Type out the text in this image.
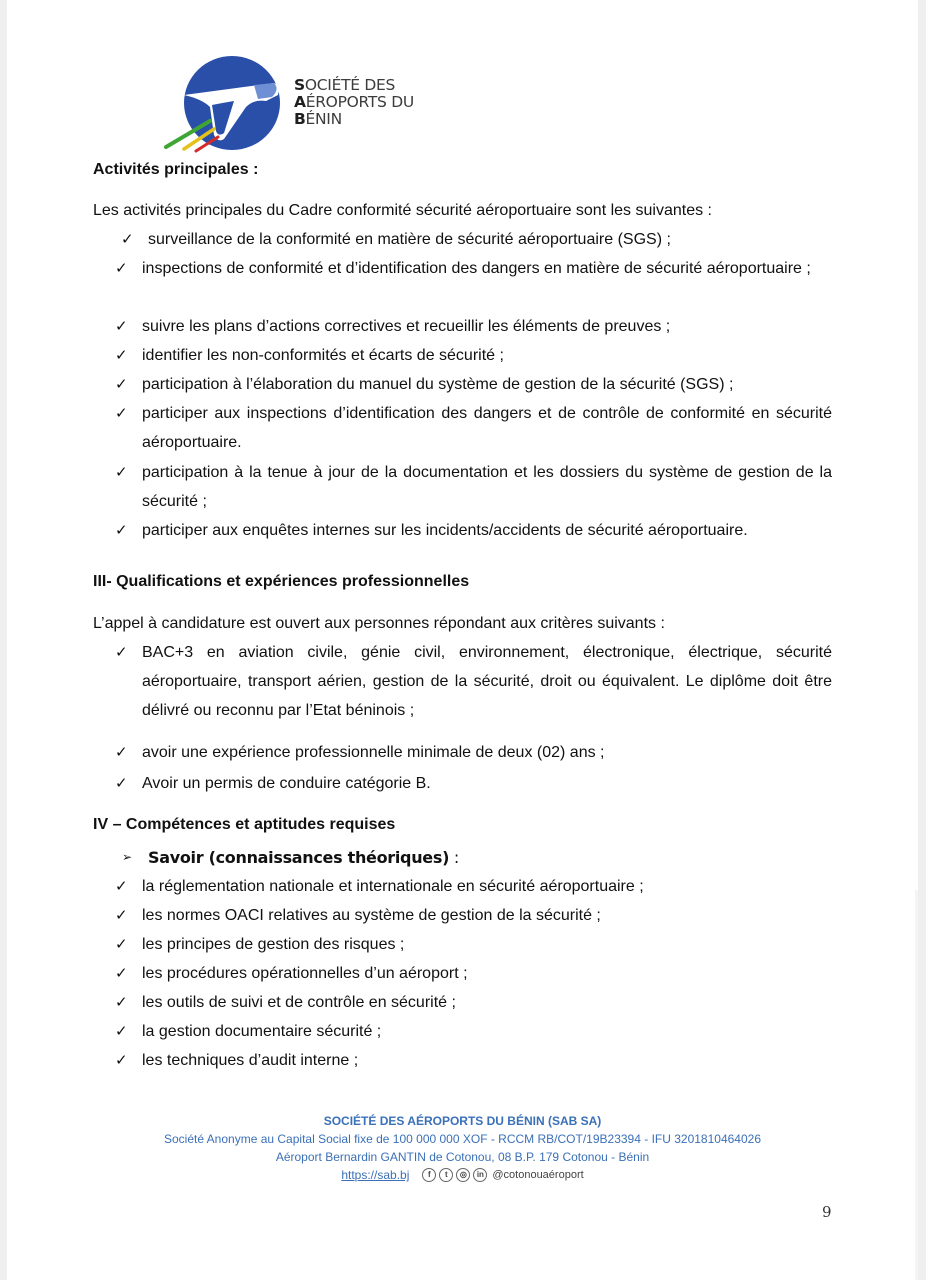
SOCIÉTÉ DES
AÉROPORTS DU
BÉNIN
Activités principales :
Les activités principales du Cadre conformité sécurité aéroportuaire sont les suivantes :
✓ surveillance de la conformité en matière de sécurité aéroportuaire (SGS) ;
✓ inspections de conformité et d’identification des dangers en matière de sécurité aéroportuaire ;
✓ suivre les plans d’actions correctives et recueillir les éléments de preuves ;
✓ identifier les non-conformités et écarts de sécurité ;
✓ participation à l’élaboration du manuel du système de gestion de la sécurité (SGS) ;
✓ participer aux inspections d’identification des dangers et de contrôle de conformité en sécurité aéroportuaire.
✓ participation à la tenue à jour de la documentation et les dossiers du système de gestion de la sécurité ;
✓ participer aux enquêtes internes sur les incidents/accidents de sécurité aéroportuaire.
III- Qualifications et expériences professionnelles
L’appel à candidature est ouvert aux personnes répondant aux critères suivants :
✓ BAC+3 en aviation civile, génie civil, environnement, électronique, électrique, sécurité aéroportuaire, transport aérien, gestion de la sécurité, droit ou équivalent. Le diplôme doit être délivré ou reconnu par l’Etat béninois ;
✓ avoir une expérience professionnelle minimale de deux (02) ans ;
✓ Avoir un permis de conduire catégorie B.
IV – Compétences et aptitudes requises
➢ Savoir (connaissances théoriques) :
✓ la réglementation nationale et internationale en sécurité aéroportuaire ;
✓ les normes OACI relatives au système de gestion de la sécurité ;
✓ les principes de gestion des risques ;
✓ les procédures opérationnelles d’un aéroport ;
✓ les outils de suivi et de contrôle en sécurité ;
✓ la gestion documentaire sécurité ;
✓ les techniques d’audit interne ;
SOCIÉTÉ DES AÉROPORTS DU BÉNIN (SAB SA)
Société Anonyme au Capital Social fixe de 100 000 000 XOF - RCCM RB/COT/19B23394 - IFU 3201810464026
Aéroport Bernardin GANTIN de Cotonou, 08 B.P. 179 Cotonou - Bénin
https://sab.bj	f	t	◎	in @cotonouaéroport
9
